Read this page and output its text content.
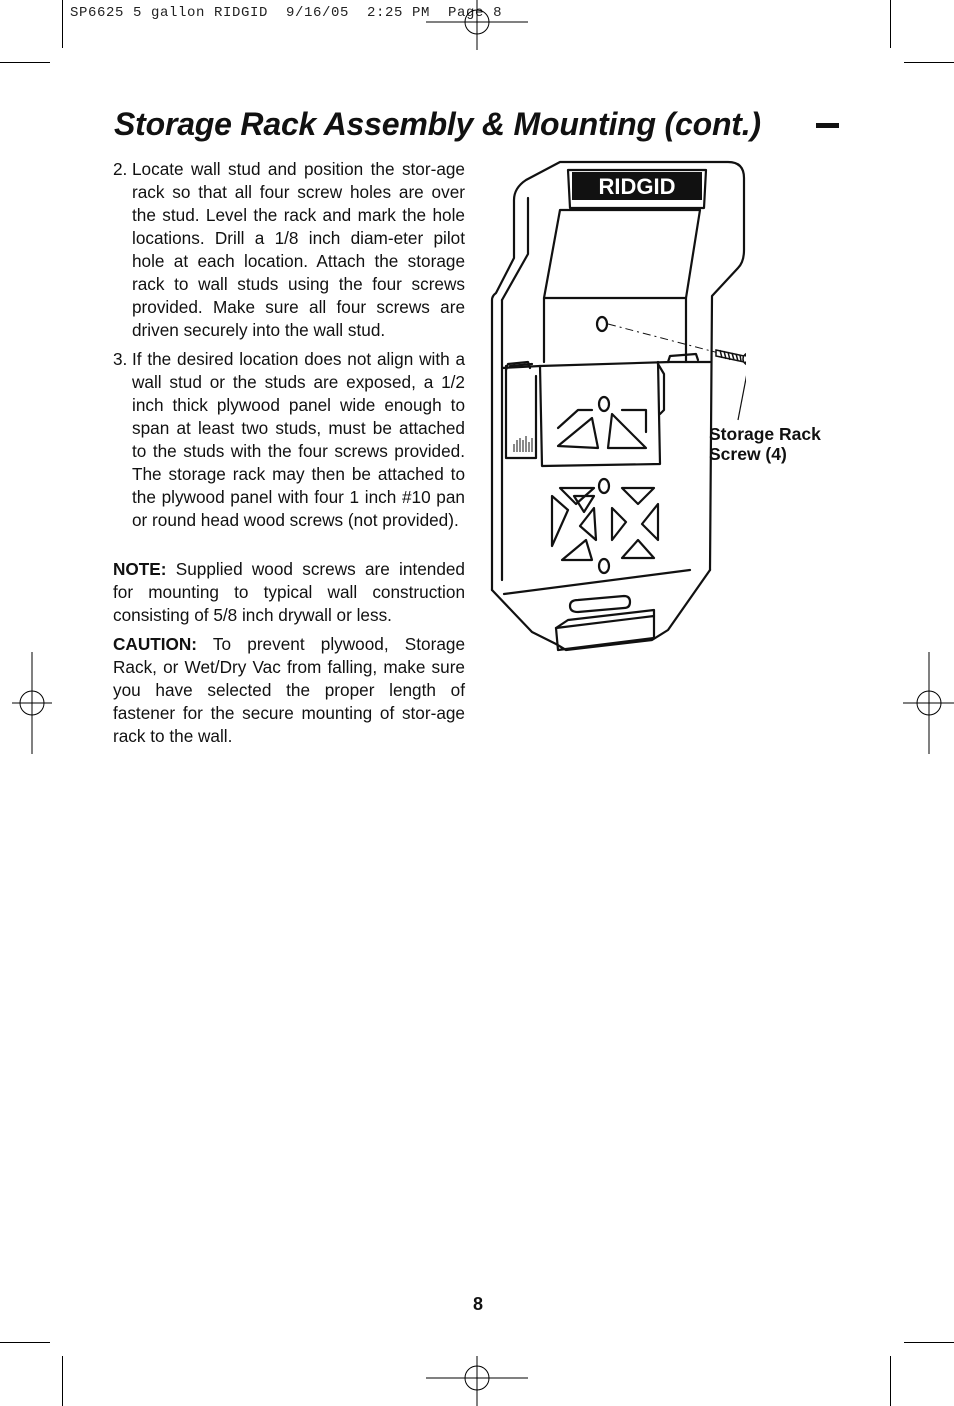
SP6625 5 gallon RIDGID  9/16/05  2:25 PM  Page 8
Storage Rack Assembly & Mounting (cont.)
2. Locate wall stud and position the stor-age rack so that all four screw holes are over the stud. Level the rack and mark the hole locations. Drill a 1/8 inch diam-eter pilot hole at each location. Attach the storage rack to wall studs using the four screws provided. Make sure all four screws are driven securely into the wall stud.
3. If the desired location does not align with a wall stud or the studs are exposed, a 1/2 inch thick plywood panel wide enough to span at least two studs, must be attached to the studs with the four screws provided. The storage rack may then be attached to the plywood panel with four 1 inch #10 pan or round head wood screws (not provided).

NOTE: Supplied wood screws are intended for mounting to typical wall construction consisting of 5/8 inch drywall or less.

CAUTION: To prevent plywood, Storage Rack, or Wet/Dry Vac from falling, make sure you have selected the proper length of fastener for the secure mounting of stor-age rack to the wall.

RIDGID
Storage Rack
Screw (4)
8
